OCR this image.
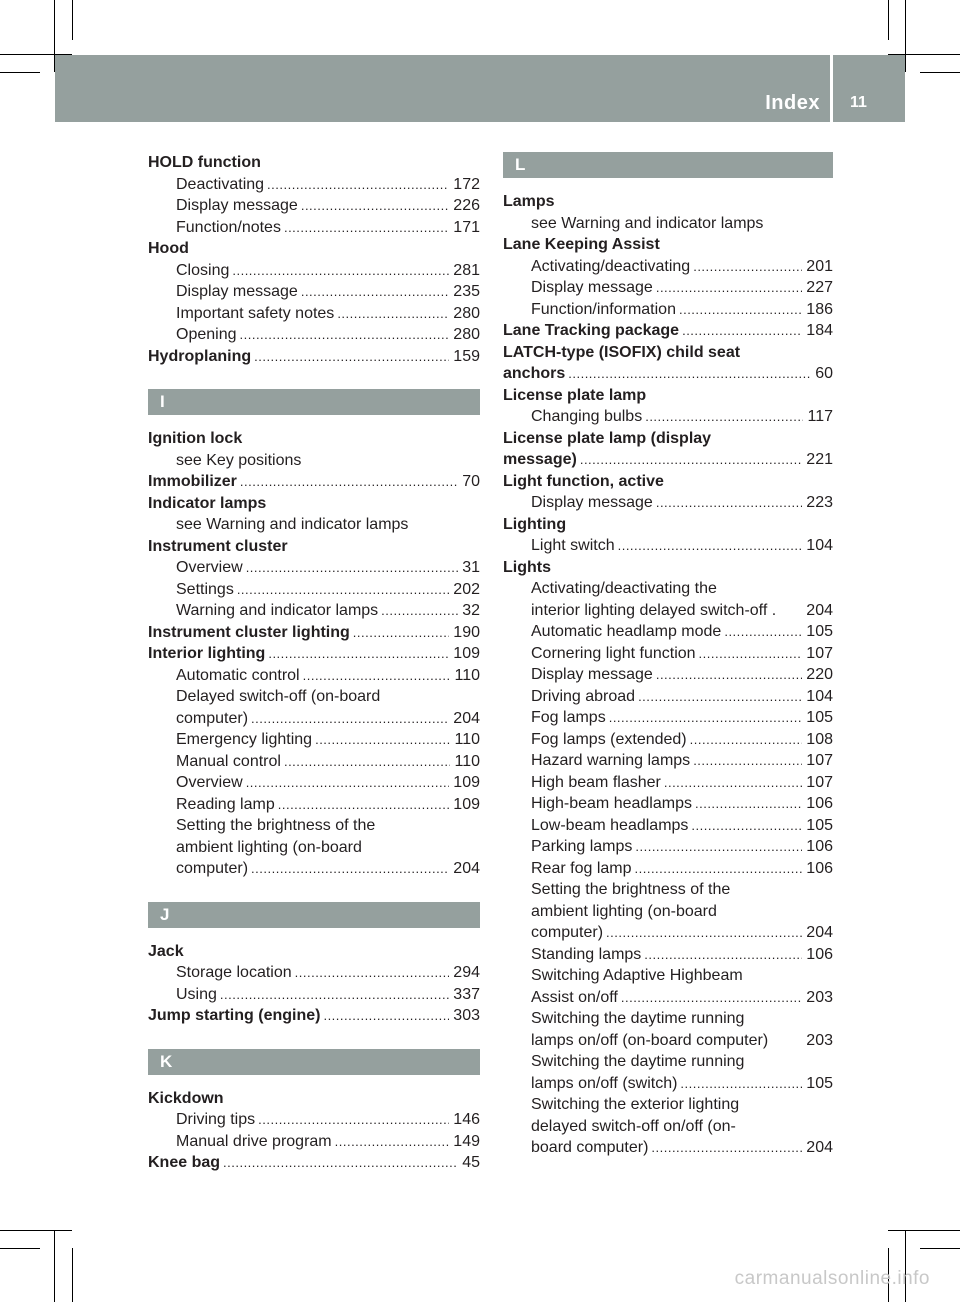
Index 11
HOLD function
Deactivating .....	172
Display message .....	226
Function/notes .....	171
Hood
Closing .....	281
Display message .....	235
Important safety notes .....	280
Opening .....	280
Hydroplaning .....	159
I
Ignition lock
see Key positions
Immobilizer .....	70
Indicator lamps
see Warning and indicator lamps
Instrument cluster
Overview .....	31
Settings .....	202
Warning and indicator lamps .....	32
Instrument cluster lighting .....	190
Interior lighting .....	109
Automatic control .....	110
Delayed switch-off (on-board
computer) .....	204
Emergency lighting .....	110
Manual control .....	110
Overview .....	109
Reading lamp .....	109
Setting the brightness of the
ambient lighting (on-board
computer) .....	204
J
Jack
Storage location .....	294
Using .....	337
Jump starting (engine) .....	303
K
Kickdown
Driving tips .....	146
Manual drive program .....	149
Knee bag .....	45
L
Lamps
see Warning and indicator lamps
Lane Keeping Assist
Activating/deactivating .....	201
Display message .....	227
Function/information .....	186
Lane Tracking package .....	184
LATCH-type (ISOFIX) child seat
anchors .....	60
License plate lamp
Changing bulbs .....	117
License plate lamp (display
message) .....	221
Light function, active
Display message .....	223
Lighting
Light switch .....	104
Lights
Activating/deactivating the
interior lighting delayed switch-off . 204
Automatic headlamp mode .....	105
Cornering light function .....	107
Display message .....	220
Driving abroad .....	104
Fog lamps .....	105
Fog lamps (extended) .....	108
Hazard warning lamps .....	107
High beam flasher .....	107
High-beam headlamps .....	106
Low-beam headlamps .....	105
Parking lamps .....	106
Rear fog lamp .....	106
Setting the brightness of the
ambient lighting (on-board
computer) .....	204
Standing lamps .....	106
Switching Adaptive Highbeam
Assist on/off .....	203
Switching the daytime running
lamps on/off (on-board computer) 203
Switching the daytime running
lamps on/off (switch) .....	105
Switching the exterior lighting
delayed switch-off on/off (on-
board computer) .....	204
carmanualsonline.info
